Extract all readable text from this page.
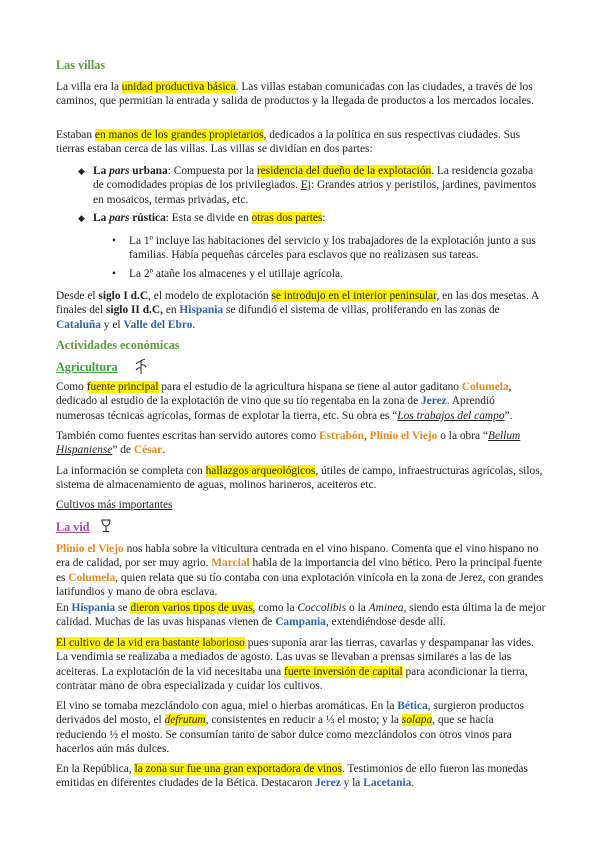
Las villas

La villa era la unidad productiva básica. Las villas estaban comunicadas con las ciudades, a través de los caminos, que permitían la entrada y salida de productos y la llegada de productos a los mercados locales.

Estaban en manos de los grandes propietarios, dedicados a la política en sus respectivas ciudades. Sus tierras estaban cerca de las villas. Las villas se dividían en dos partes:

◆ La pars urbana: Compuesta por la residencia del dueño de la explotación. La residencia gozaba de comodidades propias de los privilegiados. Ej: Grandes atrios y peristilos, jardines, pavimentos en mosaicos, termas privadas, etc.
◆ La pars rústica: Esta se divide en otras dos partes:
• La 1º incluye las habitaciones del servicio y los trabajadores de la explotación junto a sus familias. Había pequeñas cárceles para esclavos que no realizasen sus tareas.
• La 2º atañe los almacenes y el utillaje agrícola.

Desde el siglo I d.C, el modelo de explotación se introdujo en el interior peninsular, en las dos mesetas. A finales del siglo II d.C, en Hispania se difundió el sistema de villas, proliferando en las zonas de Cataluña y el Valle del Ebro.

Actividades económicas
Agricultura

Como fuente principal para el estudio de la agricultura hispana se tiene al autor gaditano Columela, dedicado al estudio de la explotación de vino que su tío regentaba en la zona de Jerez. Aprendió numerosas técnicas agrícolas, formas de explotar la tierra, etc. Su obra es “Los trabajos del campo”.

También como fuentes escritas han servido autores como Estrabón, Plinio el Viejo o la obra “Bellum Hispaniense” de César.

La información se completa con hallazgos arqueológicos, útiles de campo, infraestructuras agrícolas, silos, sistema de almacenamiento de aguas, molinos harineros, aceiteros etc.

Cultivos más importantes
La vid

Plinio el Viejo nos habla sobre la viticultura centrada en el vino hispano. Comenta que el vino hispano no era de calidad, por ser muy agrio. Marcial habla de la importancia del vino bético. Pero la principal fuente es Columela, quien relata que su tío contaba con una explotación vinícola en la zona de Jerez, con grandes latifundios y mano de obra esclava.

En Hispania se dieron varios tipos de uvas, como la Coccolibis o la Aminea, siendo esta última la de mejor calidad. Muchas de las uvas hispanas vienen de Campania, extendiéndose desde allí.

El cultivo de la vid era bastante laborioso pues suponía arar las tierras, cavarlas y despampanar las vides. La vendimia se realizaba a mediados de agosto. Las uvas se llevaban a prensas similares a las de las aceiteras. La explotación de la vid necesitaba una fuerte inversión de capital para acondicionar la tierra, contratar mano de obra especializada y cuidar los cultivos.

El vino se tomaba mezclándolo con agua, miel o hierbas aromáticas. En la Bética, surgieron productos derivados del mosto, el defrutum, consistentes en reducir a ⅓ el mosto; y la solapa, que se hacía reduciendo ½ el mosto. Se consumían tanto de sabor dulce como mezclándolos con otros vinos para hacerlos aún más dulces.

En la República, la zona sur fue una gran exportadora de vinos. Testimonios de ello fueron las monedas emitidas en diferentes ciudades de la Bética. Destacaron Jerez y la Lacetania.
